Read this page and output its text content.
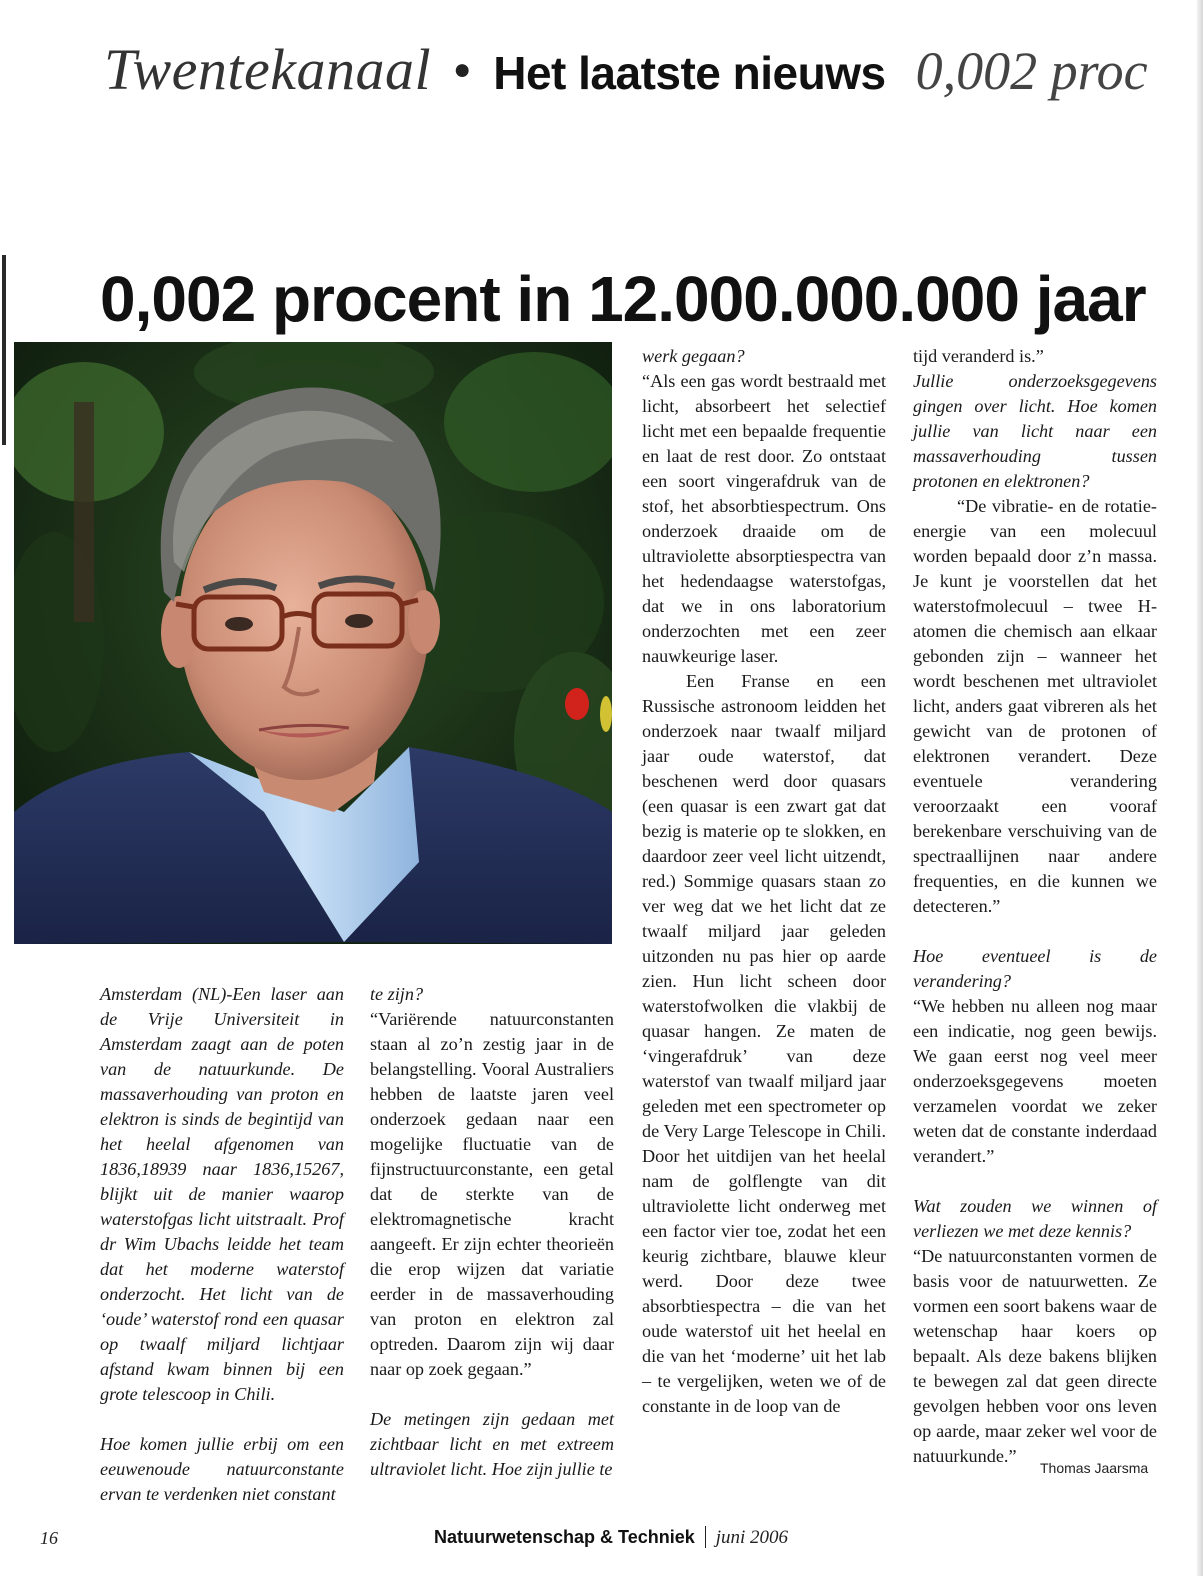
Twentekanaal ● Het laatste nieuws 0,002 proc
0,002 procent in 12.000.000.000 jaar

Amsterdam (NL)-Een laser aan de Vrije Universiteit in Amsterdam zaagt aan de poten van de natuurkunde. De massaverhouding van proton en elektron is sinds de begintijd van het heelal afgenomen van 1836,18939 naar 1836,15267, blijkt uit de manier waarop waterstofgas licht uitstraalt. Prof dr Wim Ubachs leidde het team dat het moderne waterstof onderzocht. Het licht van de ‘oude’ waterstof rond een quasar op twaalf miljard lichtjaar afstand kwam binnen bij een grote telescoop in Chili.

Hoe komen jullie erbij om een eeuwenoude natuurconstante ervan te verdenken niet constant

te zijn?

“Variërende natuurconstanten staan al zo’n zestig jaar in de belangstelling. Vooral Australiers hebben de laatste jaren veel onderzoek gedaan naar een mogelijke fluctuatie van de fijnstructuurconstante, een getal dat de sterkte van de elektromagnetische kracht aangeeft. Er zijn echter theorieën die erop wijzen dat variatie eerder in de massaverhouding van proton en elektron zal optreden. Daarom zijn wij daar naar op zoek gegaan.”

De metingen zijn gedaan met zichtbaar licht en met extreem ultraviolet licht. Hoe zijn jullie te

werk gegaan?

“Als een gas wordt bestraald met licht, absorbeert het selectief licht met een bepaalde frequentie en laat de rest door. Zo ontstaat een soort vingerafdruk van de stof, het absorbtiespectrum. Ons onderzoek draaide om de ultraviolette absorptiespectra van het hedendaagse waterstofgas, dat we in ons laboratorium onderzochten met een zeer nauwkeurige laser.

Een Franse en een Russische astronoom leidden het onderzoek naar twaalf miljard jaar oude waterstof, dat beschenen werd door quasars (een quasar is een zwart gat dat bezig is materie op te slokken, en daardoor zeer veel licht uitzendt, red.) Sommige quasars staan zo ver weg dat we het licht dat ze twaalf miljard jaar geleden uitzonden nu pas hier op aarde zien. Hun licht scheen door waterstofwolken die vlakbij de quasar hangen. Ze maten de ‘vingerafdruk’ van deze waterstof van twaalf miljard jaar geleden met een spectrometer op de Very Large Telescope in Chili. Door het uitdijen van het heelal nam de golflengte van dit ultraviolette licht onderweg met een factor vier toe, zodat het een keurig zichtbare, blauwe kleur werd. Door deze twee absorbtiespectra – die van het oude waterstof uit het heelal en die van het ‘moderne’ uit het lab – te vergelijken, weten we of de constante in de loop van de

tijd veranderd is.”

Jullie onderzoeksgegevens gingen over licht. Hoe komen jullie van licht naar een massaverhouding tussen protonen en elektronen?

“De vibratie- en de rotatie-energie van een molecuul worden bepaald door z’n massa. Je kunt je voorstellen dat het waterstofmolecuul – twee H-atomen die chemisch aan elkaar gebonden zijn – wanneer het wordt beschenen met ultraviolet licht, anders gaat vibreren als het gewicht van de protonen of elektronen verandert. Deze eventuele verandering veroorzaakt een vooraf berekenbare verschuiving van de spectraallijnen naar andere frequenties, en die kunnen we detecteren.”

Hoe eventueel is de verandering?

“We hebben nu alleen nog maar een indicatie, nog geen bewijs. We gaan eerst nog veel meer onderzoeksgegevens moeten verzamelen voordat we zeker weten dat de constante inderdaad verandert.”

Wat zouden we winnen of verliezen we met deze kennis?

“De natuurconstanten vormen de basis voor de natuurwetten. Ze vormen een soort bakens waar de wetenschap haar koers op bepaalt. Als deze bakens blijken te bewegen zal dat geen directe gevolgen hebben voor ons leven op aarde, maar zeker wel voor de natuurkunde.”

Thomas Jaarsma
16	Natuurwetenschap & Techniek juni 2006
